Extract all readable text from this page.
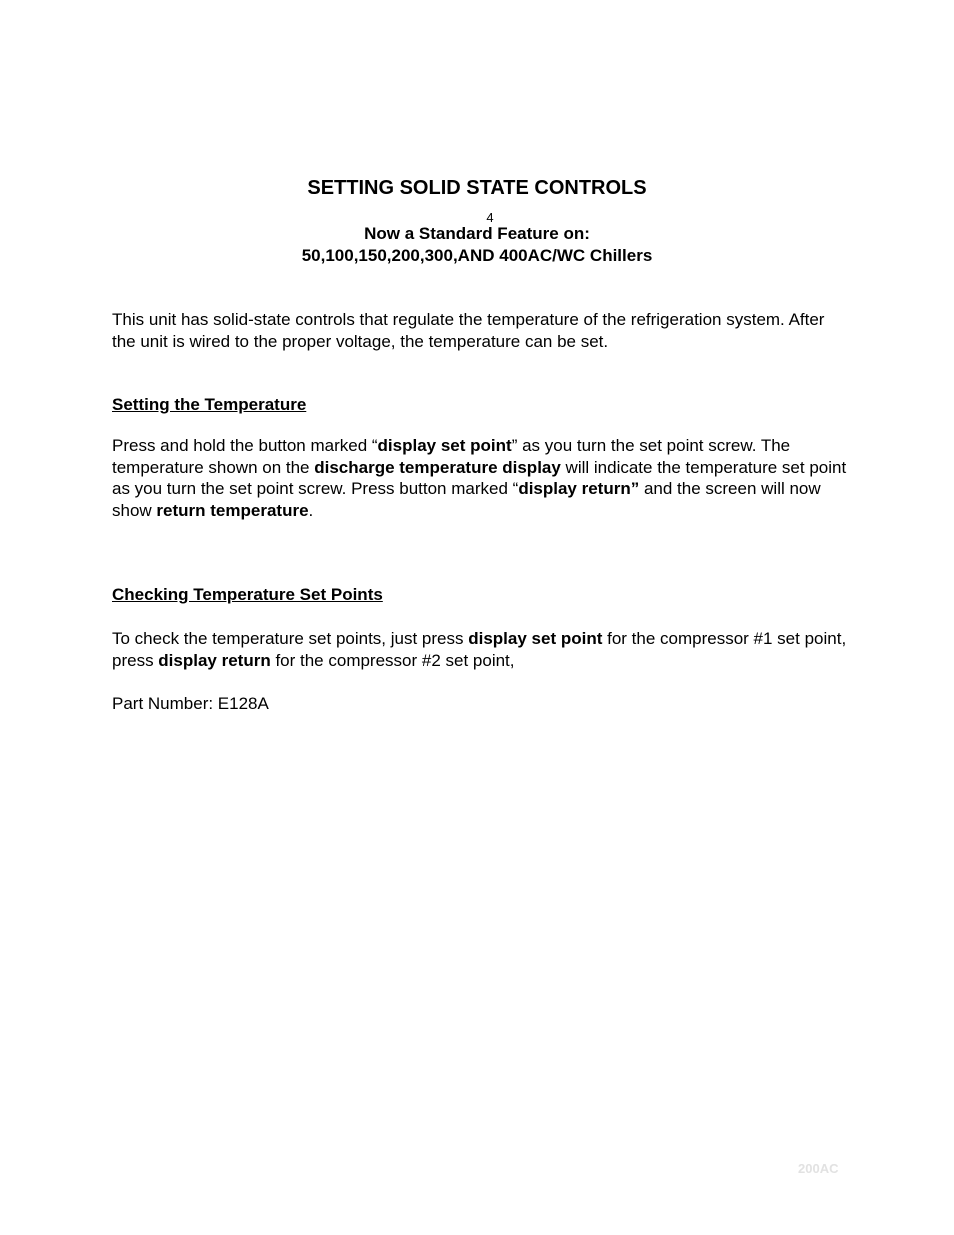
SETTING SOLID STATE CONTROLS
4
Now a Standard Feature on:
50,100,150,200,300,AND 400AC/WC Chillers

This unit has solid-state controls that regulate the temperature of the refrigeration system. After the unit is wired to the proper voltage, the temperature can be set.

Setting the Temperature

Press and hold the button marked “display set point” as you turn the set point screw. The temperature shown on the discharge temperature display will indicate the temperature set point as you turn the set point screw. Press button marked “display return” and the screen will now show return temperature.

Checking Temperature Set Points

To check the temperature set points, just press display set point for the compressor #1 set point, press display return for the compressor #2 set point,

Part Number: E128A

200AC
